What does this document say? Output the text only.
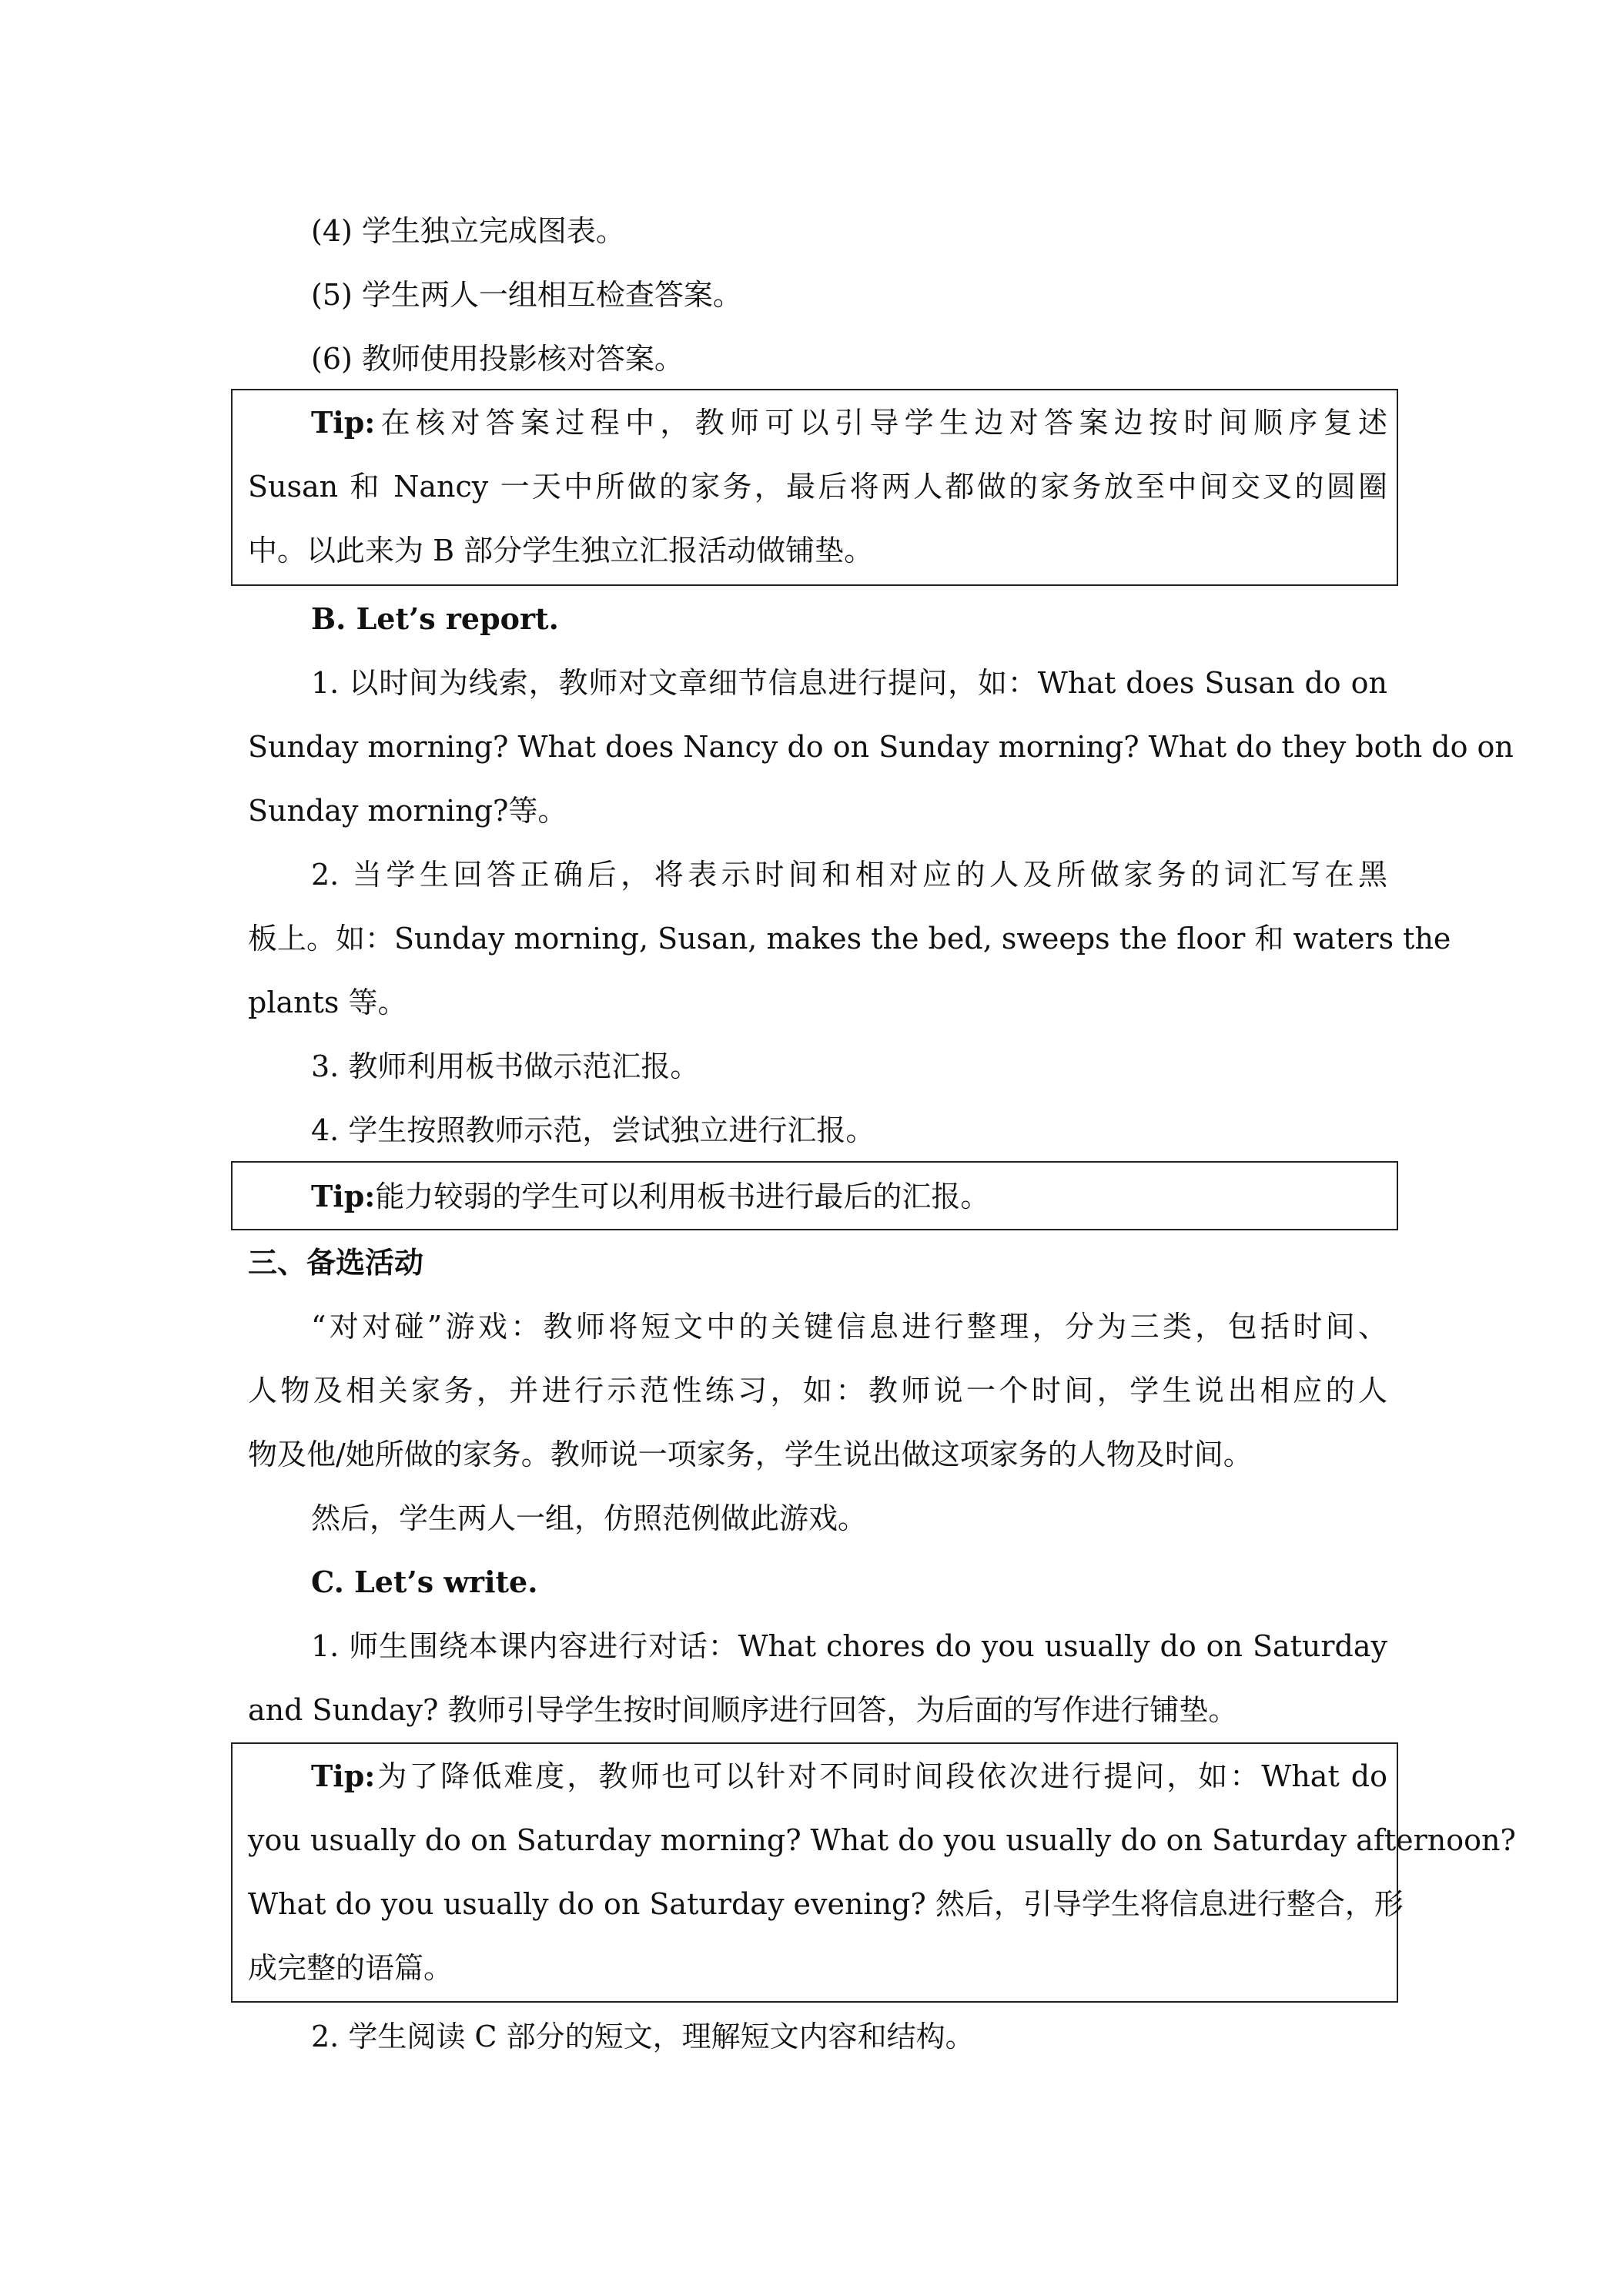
(4) 学生独立完成图表。
(5) 学生两人一组相互检查答案。
(6) 教师使用投影核对答案。
Tip:在核对答案过程中，教师可以引导学生边对答案边按时间顺序复述
Susan 和 Nancy 一天中所做的家务，最后将两人都做的家务放至中间交叉的圆圈
中。以此来为 B 部分学生独立汇报活动做铺垫。
B. Let’s report.
1. 以时间为线索，教师对文章细节信息进行提问，如：What does Susan do on
Sunday morning? What does Nancy do on Sunday morning? What do they both do on
Sunday morning?等。
2. 当学生回答正确后，将表示时间和相对应的人及所做家务的词汇写在黑
板上。如：Sunday morning, Susan, makes the bed, sweeps the floor 和 waters the
plants 等。
3. 教师利用板书做示范汇报。
4. 学生按照教师示范，尝试独立进行汇报。
Tip:能力较弱的学生可以利用板书进行最后的汇报。
三、备选活动
“对对碰”游戏：教师将短文中的关键信息进行整理，分为三类，包括时间、
人物及相关家务，并进行示范性练习，如：教师说一个时间，学生说出相应的人
物及他/她所做的家务。教师说一项家务，学生说出做这项家务的人物及时间。
然后，学生两人一组，仿照范例做此游戏。
C. Let’s write.
1. 师生围绕本课内容进行对话：What chores do you usually do on Saturday
and Sunday? 教师引导学生按时间顺序进行回答，为后面的写作进行铺垫。
Tip:为了降低难度，教师也可以针对不同时间段依次进行提问，如：What do
you usually do on Saturday morning? What do you usually do on Saturday afternoon?
What do you usually do on Saturday evening? 然后，引导学生将信息进行整合，形
成完整的语篇。
2. 学生阅读 C 部分的短文，理解短文内容和结构。
